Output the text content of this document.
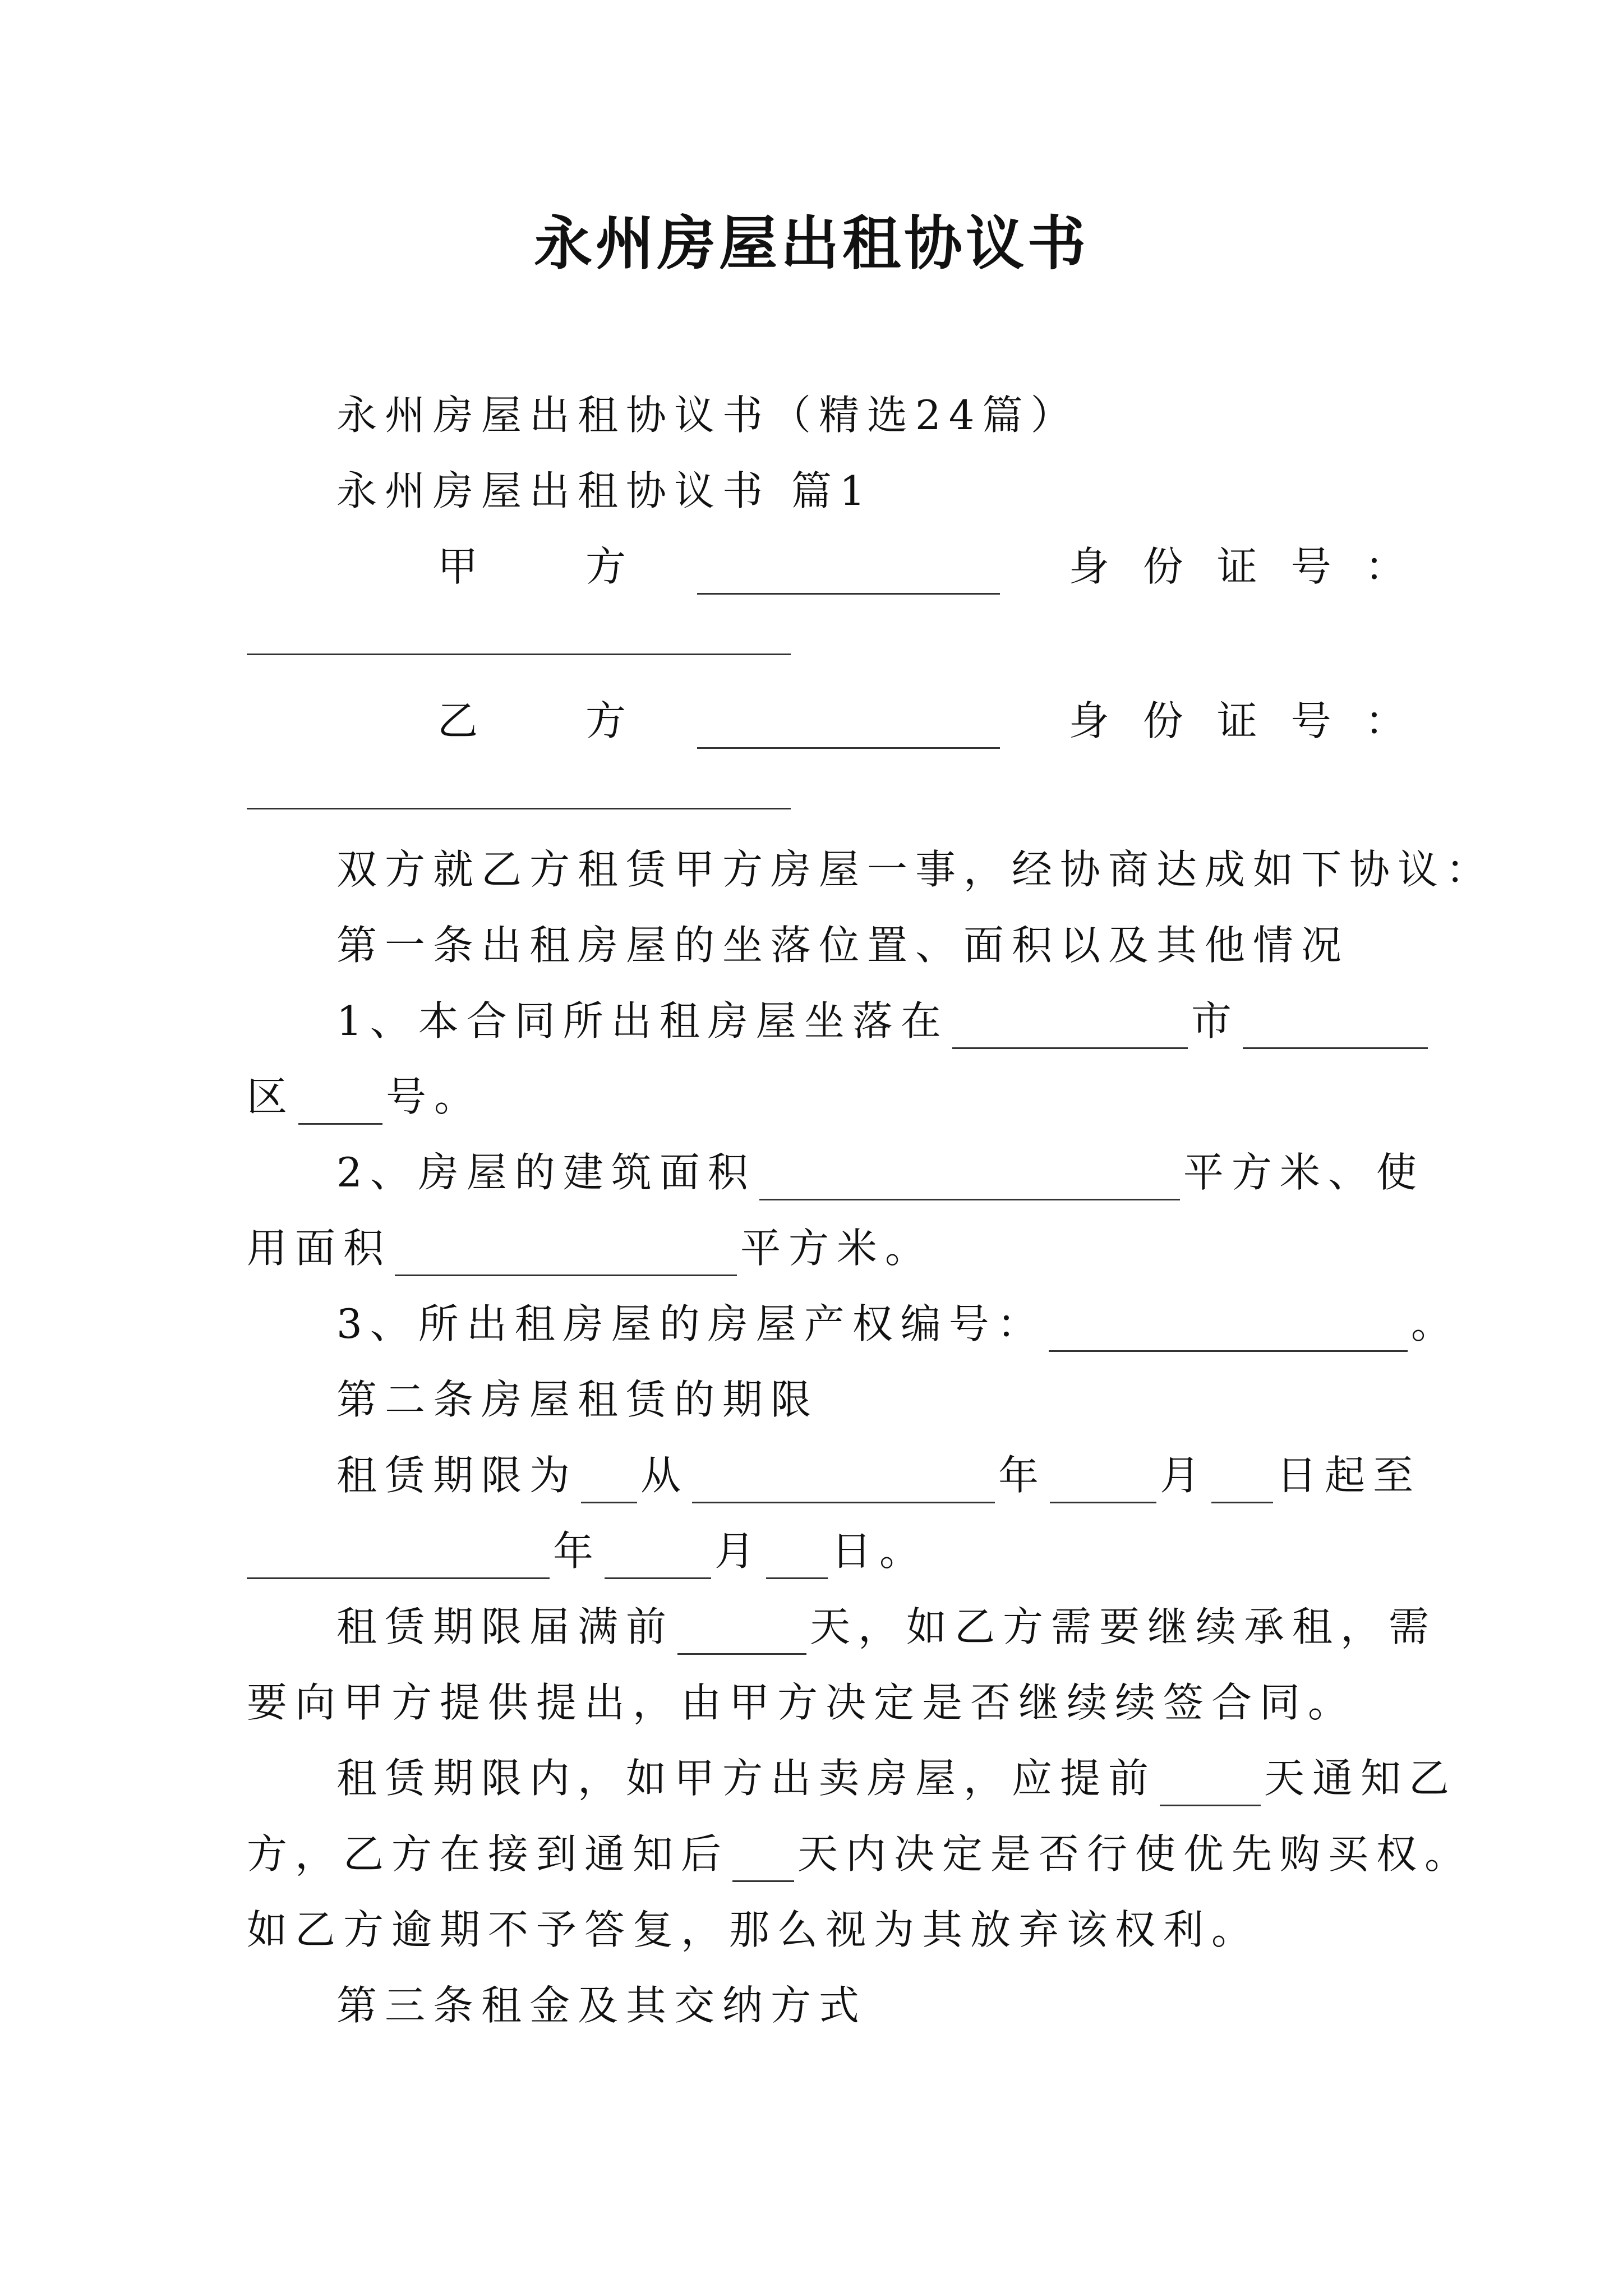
永州房屋出租协议书
永州房屋出租协议书（精选24篇）
永州房屋出租协议书 篇1
甲　方	身份证号：
乙　方	身份证号：
双方就乙方租赁甲方房屋一事，经协商达成如下协议：
第一条出租房屋的坐落位置、面积以及其他情况
1、本合同所出租房屋坐落在	市
区 号。
2、房屋的建筑面积	平方米、使
用面积	平方米。
3、所出租房屋的房屋产权编号：	。
第二条房屋租赁的期限
租赁期限为 从	年	月 日起至
年	月 日。
租赁期限届满前	天，如乙方需要继续承租，需
要向甲方提供提出，由甲方决定是否继续续签合同。
租赁期限内，如甲方出卖房屋，应提前	天通知乙
方，乙方在接到通知后 天内决定是否行使优先购买权。
如乙方逾期不予答复，那么视为其放弃该权利。
第三条租金及其交纳方式
